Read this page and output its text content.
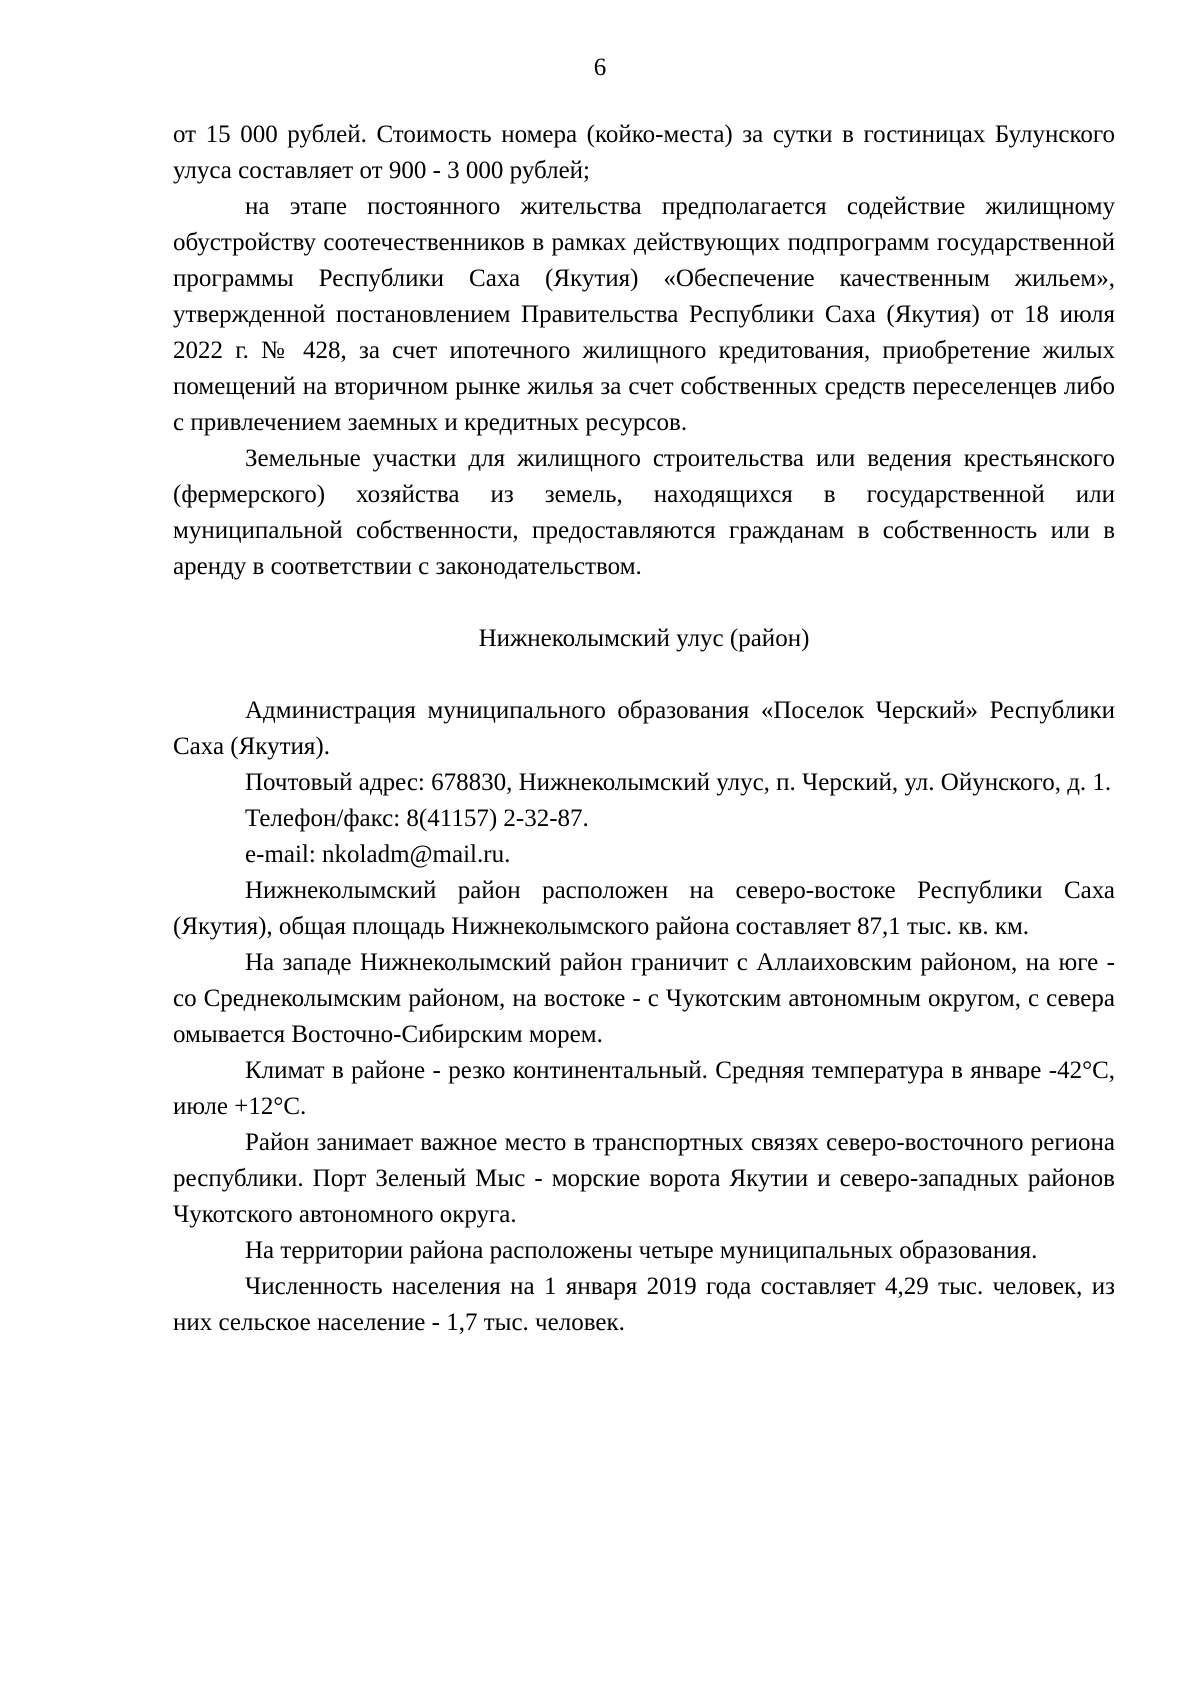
6

от 15 000 рублей. Стоимость номера (койко-места) за сутки в гостиницах Булунского улуса составляет от 900 - 3 000 рублей;

на этапе постоянного жительства предполагается содействие жилищному обустройству соотечественников в рамках действующих подпрограмм государственной программы Республики Саха (Якутия) «Обеспечение качественным жильем», утвержденной постановлением Правительства Республики Саха (Якутия) от 18 июля 2022 г. № 428, за счет ипотечного жилищного кредитования, приобретение жилых помещений на вторичном рынке жилья за счет собственных средств переселенцев либо с привлечением заемных и кредитных ресурсов.

Земельные участки для жилищного строительства или ведения крестьянского (фермерского) хозяйства из земель, находящихся в государственной или муниципальной собственности, предоставляются гражданам в собственность или в аренду в соответствии с законодательством.

Нижнеколымский улус (район)

Администрация муниципального образования «Поселок Черский» Республики Саха (Якутия).

Почтовый адрес: 678830, Нижнеколымский улус, п. Черский, ул. Ойунского, д. 1.

Телефон/факс: 8(41157) 2-32-87.

e-mail: nkoladm@mail.ru.

Нижнеколымский район расположен на северо-востоке Республики Саха (Якутия), общая площадь Нижнеколымского района составляет 87,1 тыс. кв. км.

На западе Нижнеколымский район граничит с Аллаиховским районом, на юге - со Среднеколымским районом, на востоке - с Чукотским автономным округом, с севера омывается Восточно-Сибирским морем.

Климат в районе - резко континентальный. Средняя температура в январе -42°С, июле +12°С.

Район занимает важное место в транспортных связях северо-восточного региона республики. Порт Зеленый Мыс - морские ворота Якутии и северо-западных районов Чукотского автономного округа.

На территории района расположены четыре муниципальных образования.

Численность населения на 1 января 2019 года составляет 4,29 тыс. человек, из них сельское население - 1,7 тыс. человек.
